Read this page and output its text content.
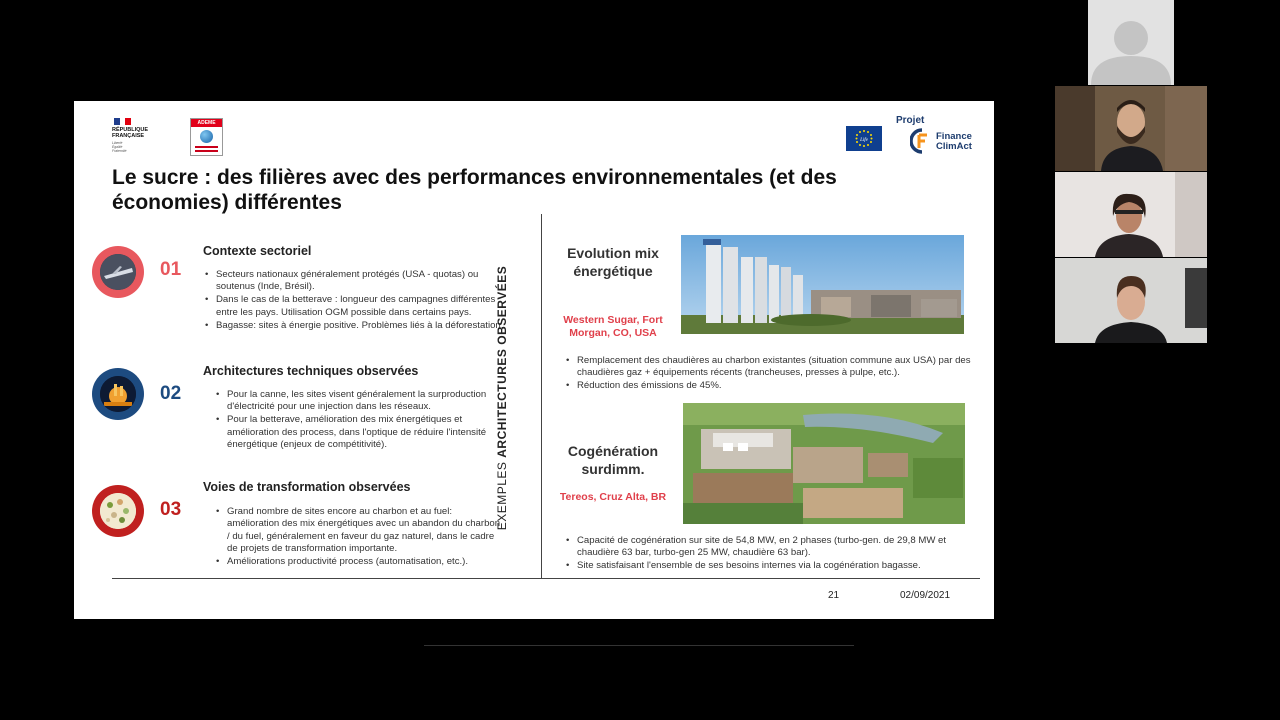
RÉPUBLIQUE
FRANÇAISE
Liberté
Égalité
Fraternité
ADEME
Life
Projet
Finance
ClimAct
Le sucre : des filières avec des performances environnementales (et des économies) différentes
01
Contexte sectoriel
• Secteurs nationaux généralement protégés (USA - quotas) ou soutenus (Inde, Brésil).
• Dans le cas de la betterave : longueur des campagnes différentes entre les pays. Utilisation OGM possible dans certains pays.
• Bagasse: sites à énergie positive. Problèmes liés à la déforestation.
02
Architectures techniques observées
• Pour la canne, les sites visent généralement la surproduction d'électricité pour une injection dans les réseaux.
• Pour la betterave, amélioration des mix énergétiques et amélioration des process, dans l'optique de réduire l'intensité énergétique (enjeux de compétitivité).
03
Voies de transformation observées
• Grand nombre de sites encore au charbon et au fuel: amélioration des mix énergétiques avec un abandon du charbon / du fuel, généralement en faveur du gaz naturel, dans le cadre de projets de transformation importante.
• Améliorations productivité process (automatisation, etc.).
EXEMPLES ARCHITECTURES OBSERVÉES
Evolution mix énergétique
Western Sugar, Fort Morgan, CO, USA
• Remplacement des chaudières au charbon existantes (situation commune aux USA) par des chaudières gaz + équipements récents (trancheuses, presses à pulpe, etc.).
• Réduction des émissions de 45%.
Cogénération surdimm.
Tereos, Cruz Alta, BR
• Capacité de cogénération sur site de 54,8 MW, en 2 phases (turbo-gen. de 29,8 MW et chaudière 63 bar, turbo-gen 25 MW, chaudière 63 bar).
• Site satisfaisant l'ensemble de ses besoins internes via la cogénération bagasse.
21	02/09/2021
